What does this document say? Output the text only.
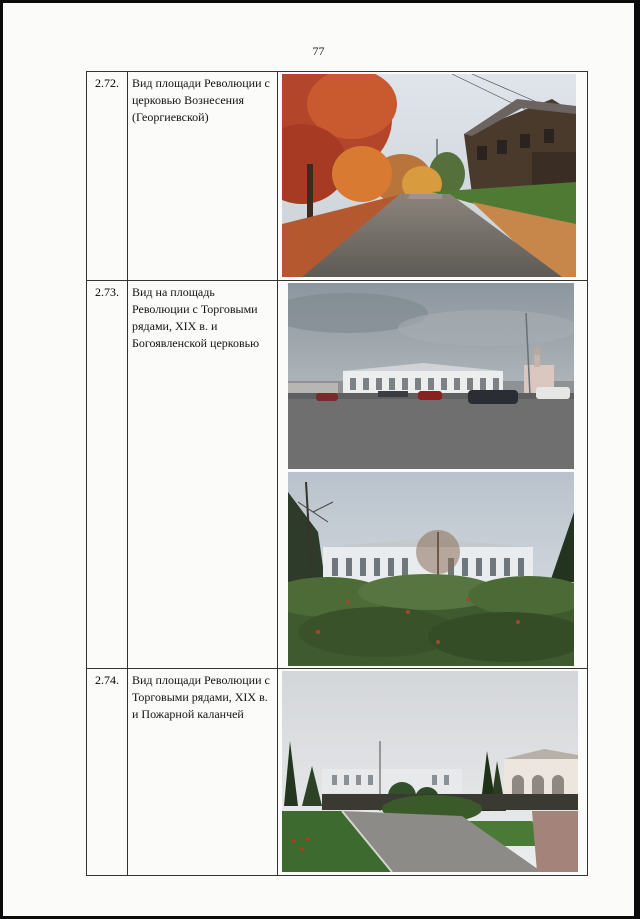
77
2.72.	Вид площади Революции с церковью Вознесения (Георгиевской)	

2.73.	Вид на площадь Революции с Торговыми рядами, XIX в. и Богоявленской церковью	

2.74.	Вид площади Революции с Торговыми рядами, XIX в. и Пожарной каланчей	
